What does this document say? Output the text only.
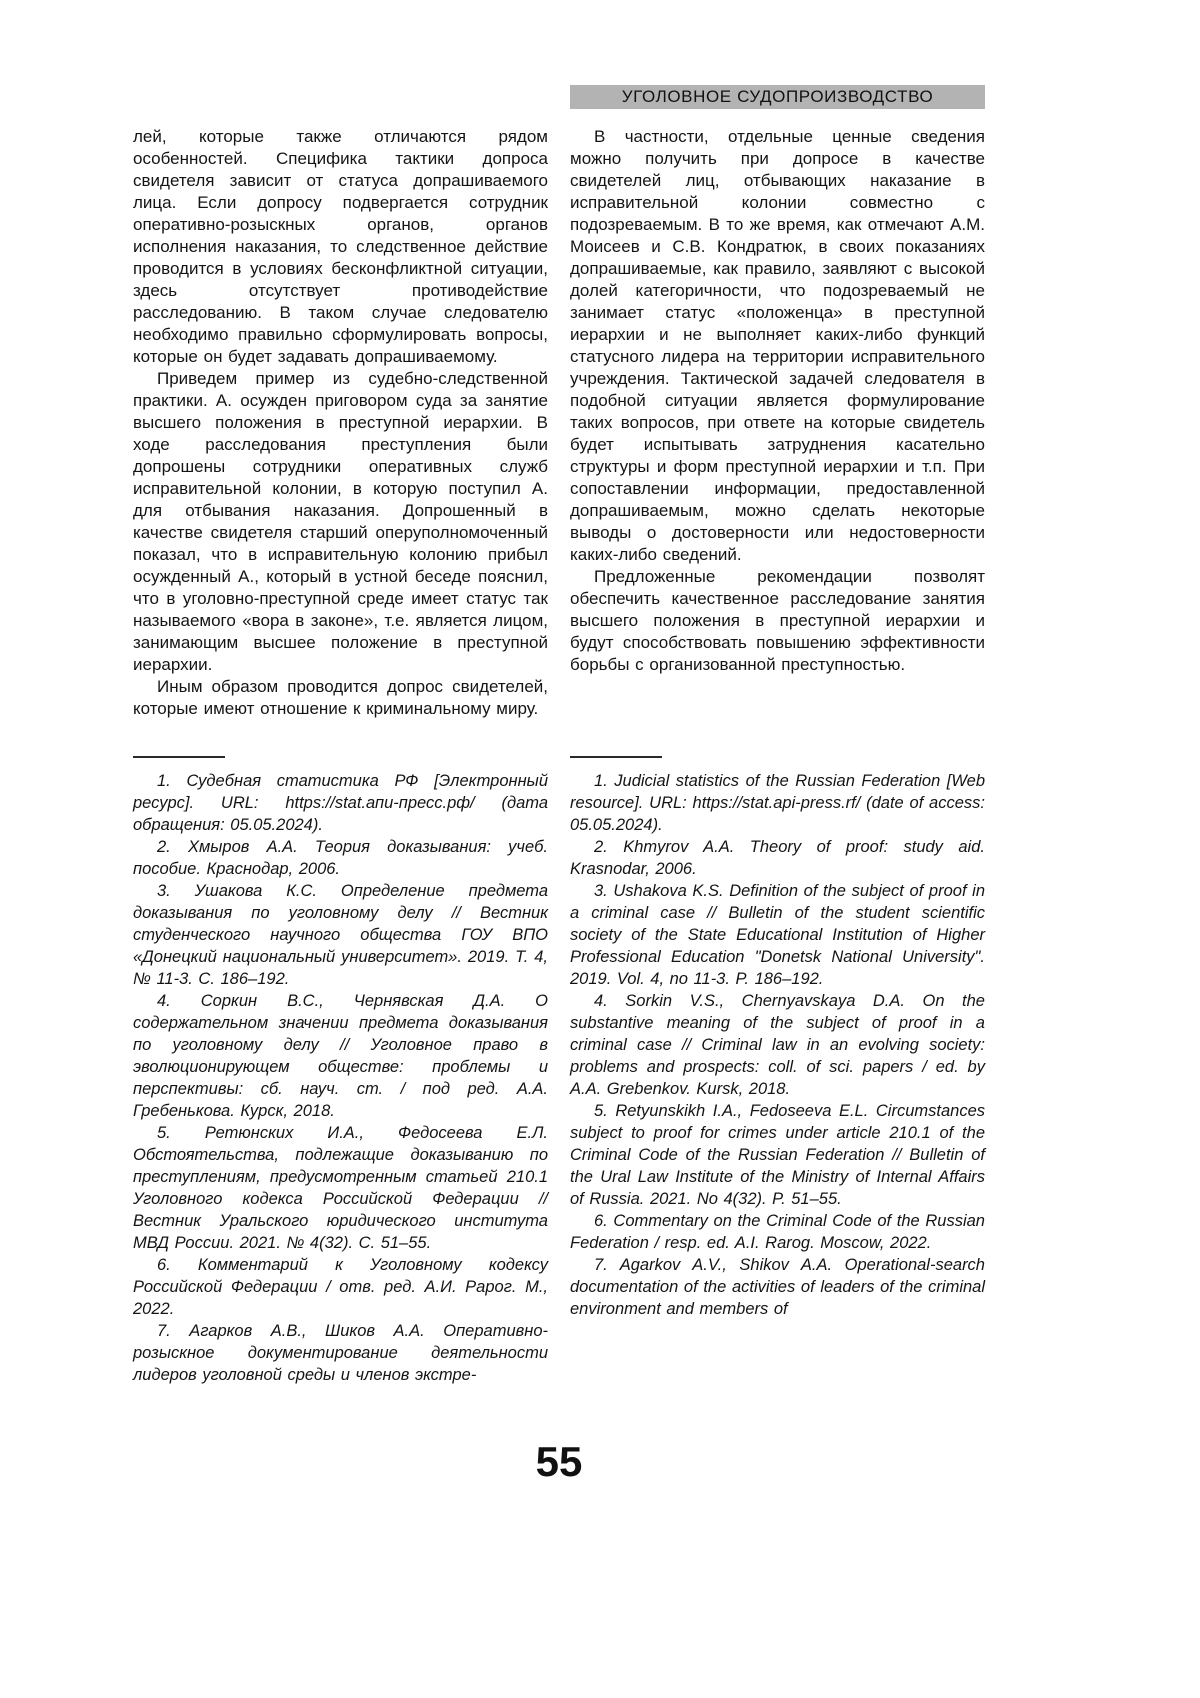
УГОЛОВНОЕ СУДОПРОИЗВОДСТВО

лей, которые также отличаются рядом особенностей. Специфика тактики допроса свидетеля зависит от статуса допрашиваемого лица. Если допросу подвергается сотрудник оперативно-розыскных органов, органов исполнения наказания, то следственное действие проводится в условиях бесконфликтной ситуации, здесь отсутствует противодействие расследованию. В таком случае следователю необходимо правильно сформулировать вопросы, которые он будет задавать допрашиваемому.

Приведем пример из судебно-следственной практики. А. осужден приговором суда за занятие высшего положения в преступной иерархии. В ходе расследования преступления были допрошены сотрудники оперативных служб исправительной колонии, в которую поступил А. для отбывания наказания. Допрошенный в качестве свидетеля старший оперуполномоченный показал, что в исправительную колонию прибыл осужденный А., который в устной беседе пояснил, что в уголовно-преступной среде имеет статус так называемого «вора в законе», т.е. является лицом, занимающим высшее положение в преступной иерархии.

Иным образом проводится допрос свидетелей, которые имеют отношение к криминальному миру.

1. Судебная статистика РФ [Электронный ресурс]. URL: https://stat.апи-пресс.рф/ (дата обращения: 05.05.2024).

2. Хмыров А.А. Теория доказывания: учеб. пособие. Краснодар, 2006.

3. Ушакова К.С. Определение предмета доказывания по уголовному делу // Вестник студенческого научного общества ГОУ ВПО «Донецкий национальный университет». 2019. Т. 4, № 11-3. С. 186–192.

4. Соркин В.С., Чернявская Д.А. О содержательном значении предмета доказывания по уголовному делу // Уголовное право в эволюционирующем обществе: проблемы и перспективы: сб. науч. ст. / под ред. А.А. Гребенькова. Курск, 2018.

5. Ретюнских И.А., Федосеева Е.Л. Обстоятельства, подлежащие доказыванию по преступлениям, предусмотренным статьей 210.1 Уголовного кодекса Российской Федерации // Вестник Уральского юридического института МВД России. 2021. № 4(32). С. 51–55.

6. Комментарий к Уголовному кодексу Российской Федерации / отв. ред. А.И. Рарог. М., 2022.

7. Агарков А.В., Шиков А.А. Оперативно-розыскное документирование деятельности лидеров уголовной среды и членов экстре-

В частности, отдельные ценные сведения можно получить при допросе в качестве свидетелей лиц, отбывающих наказание в исправительной колонии совместно с подозреваемым. В то же время, как отмечают А.М. Моисеев и С.В. Кондратюк, в своих показаниях допрашиваемые, как правило, заявляют с высокой долей категоричности, что подозреваемый не занимает статус «положенца» в преступной иерархии и не выполняет каких-либо функций статусного лидера на территории исправительного учреждения. Тактической задачей следователя в подобной ситуации является формулирование таких вопросов, при ответе на которые свидетель будет испытывать затруднения касательно структуры и форм преступной иерархии и т.п. При сопоставлении информации, предоставленной допрашиваемым, можно сделать некоторые выводы о достоверности или недостоверности каких-либо сведений.

Предложенные рекомендации позволят обеспечить качественное расследование занятия высшего положения в преступной иерархии и будут способствовать повышению эффективности борьбы с организованной преступностью.

1. Judicial statistics of the Russian Federation [Web resource]. URL: https://stat.api-press.rf/ (date of access: 05.05.2024).

2. Khmyrov A.A. Theory of proof: study aid. Krasnodar, 2006.

3. Ushakova K.S. Definition of the subject of proof in a criminal case // Bulletin of the student scientific society of the State Educational Institution of Higher Professional Education "Donetsk National University". 2019. Vol. 4, no 11-3. P. 186–192.

4. Sorkin V.S., Chernyavskaya D.A. On the substantive meaning of the subject of proof in a criminal case // Criminal law in an evolving society: problems and prospects: coll. of sci. papers / ed. by A.A. Grebenkov. Kursk, 2018.

5. Retyunskikh I.A., Fedoseeva E.L. Circumstances subject to proof for crimes under article 210.1 of the Criminal Code of the Russian Federation // Bulletin of the Ural Law Institute of the Ministry of Internal Affairs of Russia. 2021. No 4(32). P. 51–55.

6. Commentary on the Criminal Code of the Russian Federation / resp. ed. A.I. Rarog. Moscow, 2022.

7. Agarkov A.V., Shikov A.A. Operational-search documentation of the activities of leaders of the criminal environment and members of

55
